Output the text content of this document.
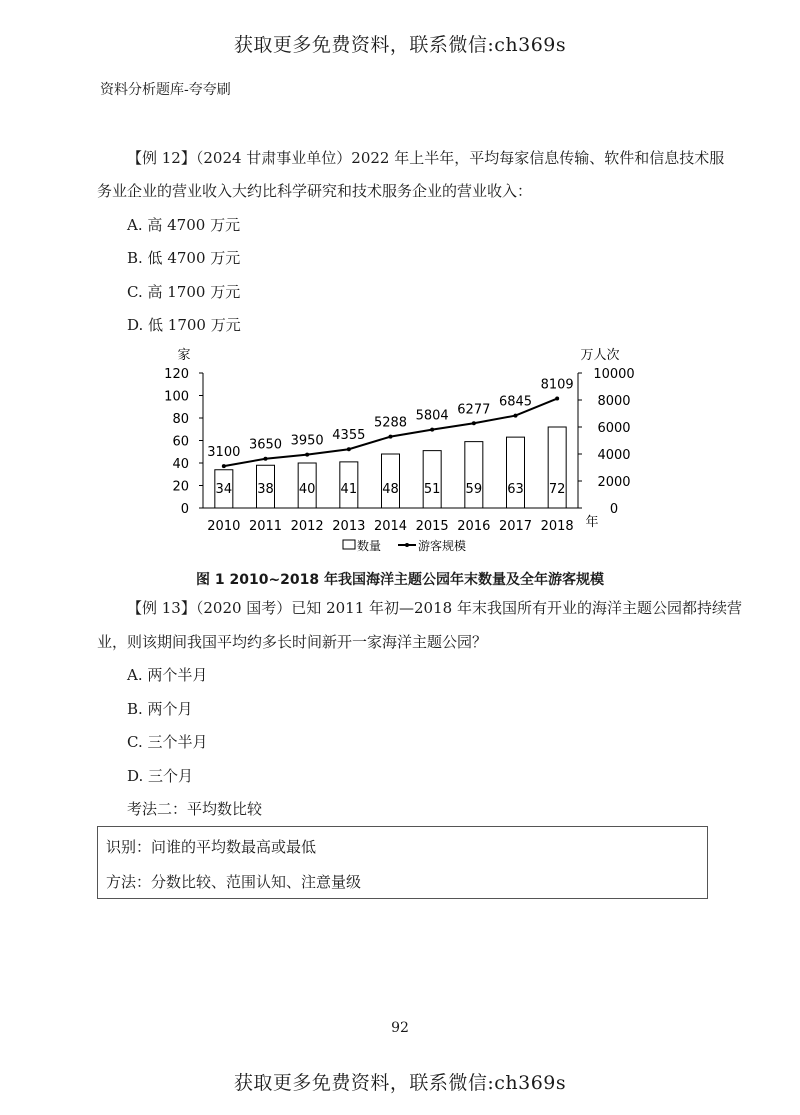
获取更多免费资料，联系微信:ch369s
资料分析题库-夸夸刷
【例 12】（2024 甘肃事业单位）2022 年上半年，平均每家信息传输、软件和信息技术服
务业企业的营业收入大约比科学研究和技术服务企业的营业收入：
A. 高 4700 万元
B. 低 4700 万元
C. 高 1700 万元
D. 低 1700 万元
0
20
40
60
80
100
120
0
2000
4000
6000
8000
10000
家	万人次
34 38 40 41 48 51 59 63 72
3100 3650 3950 4355
5288 5804 6277
6845
8109
2010 2011 2012 2013 2014 2015 2016 2017 2018 年
数量	游客规模
图 1 2010~2018 年我国海洋主题公园年末数量及全年游客规模
【例 13】（2020 国考）已知 2011 年初—2018 年末我国所有开业的海洋主题公园都持续营
业，则该期间我国平均约多长时间新开一家海洋主题公园？
A. 两个半月
B. 两个月
C. 三个半月
D. 三个月
考法二：平均数比较
识别：问谁的平均数最高或最低
方法：分数比较、范围认知、注意量级
92
获取更多免费资料，联系微信:ch369s
